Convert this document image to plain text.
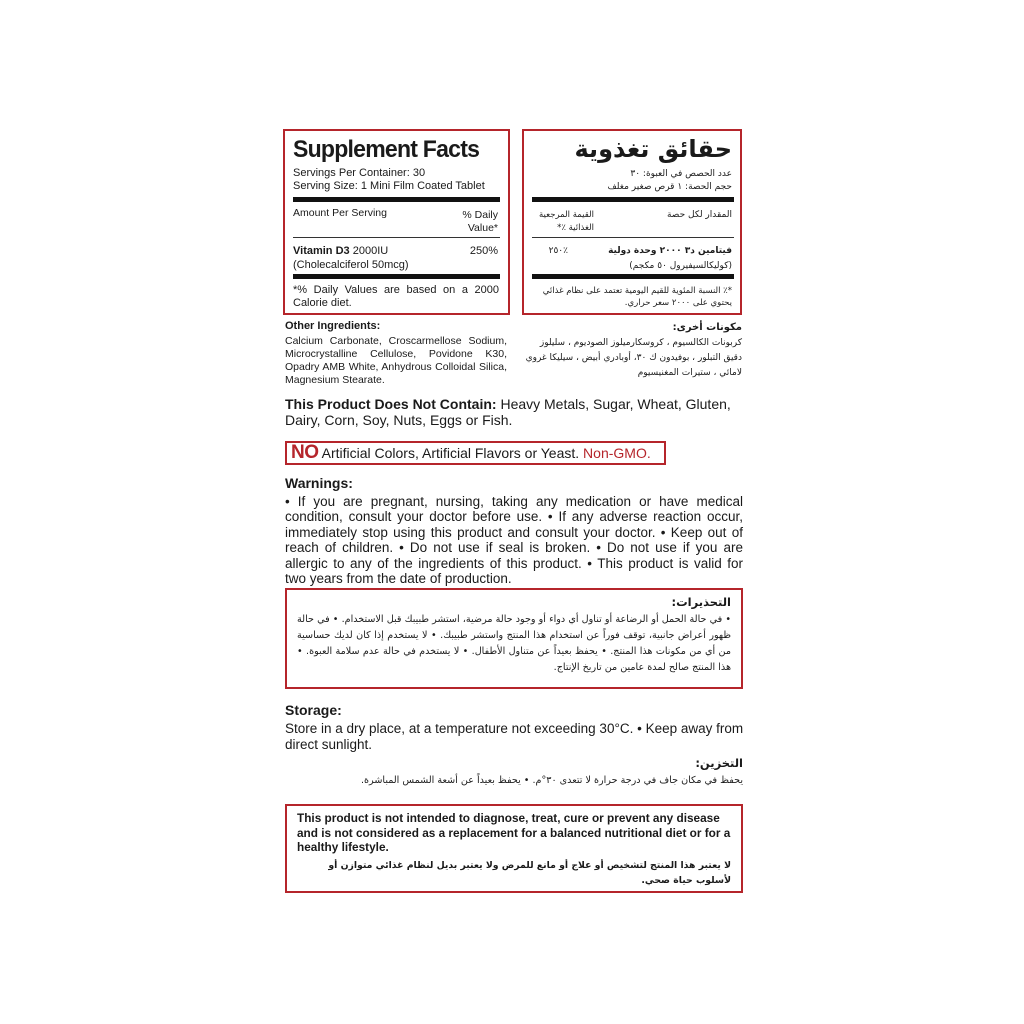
Supplement Facts
Servings Per Container: 30
Serving Size: 1 Mini Film Coated Tablet
Amount Per Serving	% Daily Value*
Vitamin D3 2000IU	250%
(Cholecalciferol 50mcg)
*% Daily Values are based on a 2000 Calorie diet.
حقائق تغذوية
عدد الحصص في العبوة: ٣٠
حجم الحصة: ١ قرص صغير مغلف
المقدار لكل حصة
القيمة المرجعية الغذائية ٪*
فيتامين د٣ ٢٠٠٠ وحدة دولية
٪٢٥٠
(كوليكالسيفيرول ٥٠ مكجم)
*٪ النسبة المئوية للقيم اليومية تعتمد على نظام غذائي يحتوي على ٢٠٠٠ سعر حراري.
Other Ingredients:
Calcium Carbonate, Croscarmellose Sodium, Microcrystalline Cellulose, Povidone K30, Opadry AMB White, Anhydrous Colloidal Silica, Magnesium Stearate.
مكونات أخرى:
كربونات الكالسيوم ، كروسكارميلوز الصوديوم ، سليلوز دقيق التبلور ، بوفيدون ك ٣٠، أوبادري أبيض ، سيليكا غروي لامائي ، ستيرات المغنيسيوم
This Product Does Not Contain: Heavy Metals, Sugar, Wheat, Gluten, Dairy, Corn, Soy, Nuts, Eggs or Fish.
NO Artificial Colors, Artificial Flavors or Yeast. Non-GMO.
Warnings:
• If you are pregnant, nursing, taking any medication or have medical condition, consult your doctor before use. • If any adverse reaction occur, immediately stop using this product and consult your doctor. • Keep out of reach of children. • Do not use if seal is broken. • Do not use if you are allergic to any of the ingredients of this product. • This product is valid for two years from the date of production.
التحذيرات:
• في حالة الحمل أو الرضاعة أو تناول أي دواء أو وجود حالة مرضية، استشر طبيبك قبل الاستخدام. • في حالة ظهور أعراض جانبية، توقف فوراً عن استخدام هذا المنتج واستشر طبيبك. • لا يستخدم إذا كان لديك حساسية من أي من مكونات هذا المنتج. • يحفظ بعيداً عن متناول الأطفال. • لا يستخدم في حالة عدم سلامة العبوة. • هذا المنتج صالح لمدة عامين من تاريخ الإنتاج.
Storage:
Store in a dry place, at a temperature not exceeding 30°C. • Keep away from direct sunlight.
التخزين:
يحفظ في مكان جاف في درجة حرارة لا تتعدى ٣٠°م. • يحفظ بعيداً عن أشعة الشمس المباشرة.
This product is not intended to diagnose, treat, cure or prevent any disease and is not considered as a replacement for a balanced nutritional diet or for a healthy lifestyle.
لا يعتبر هذا المنتج لتشخيص أو علاج أو مانع للمرض ولا يعتبر بديل لنظام غذائي متوازن أو لأسلوب حياة صحي.
